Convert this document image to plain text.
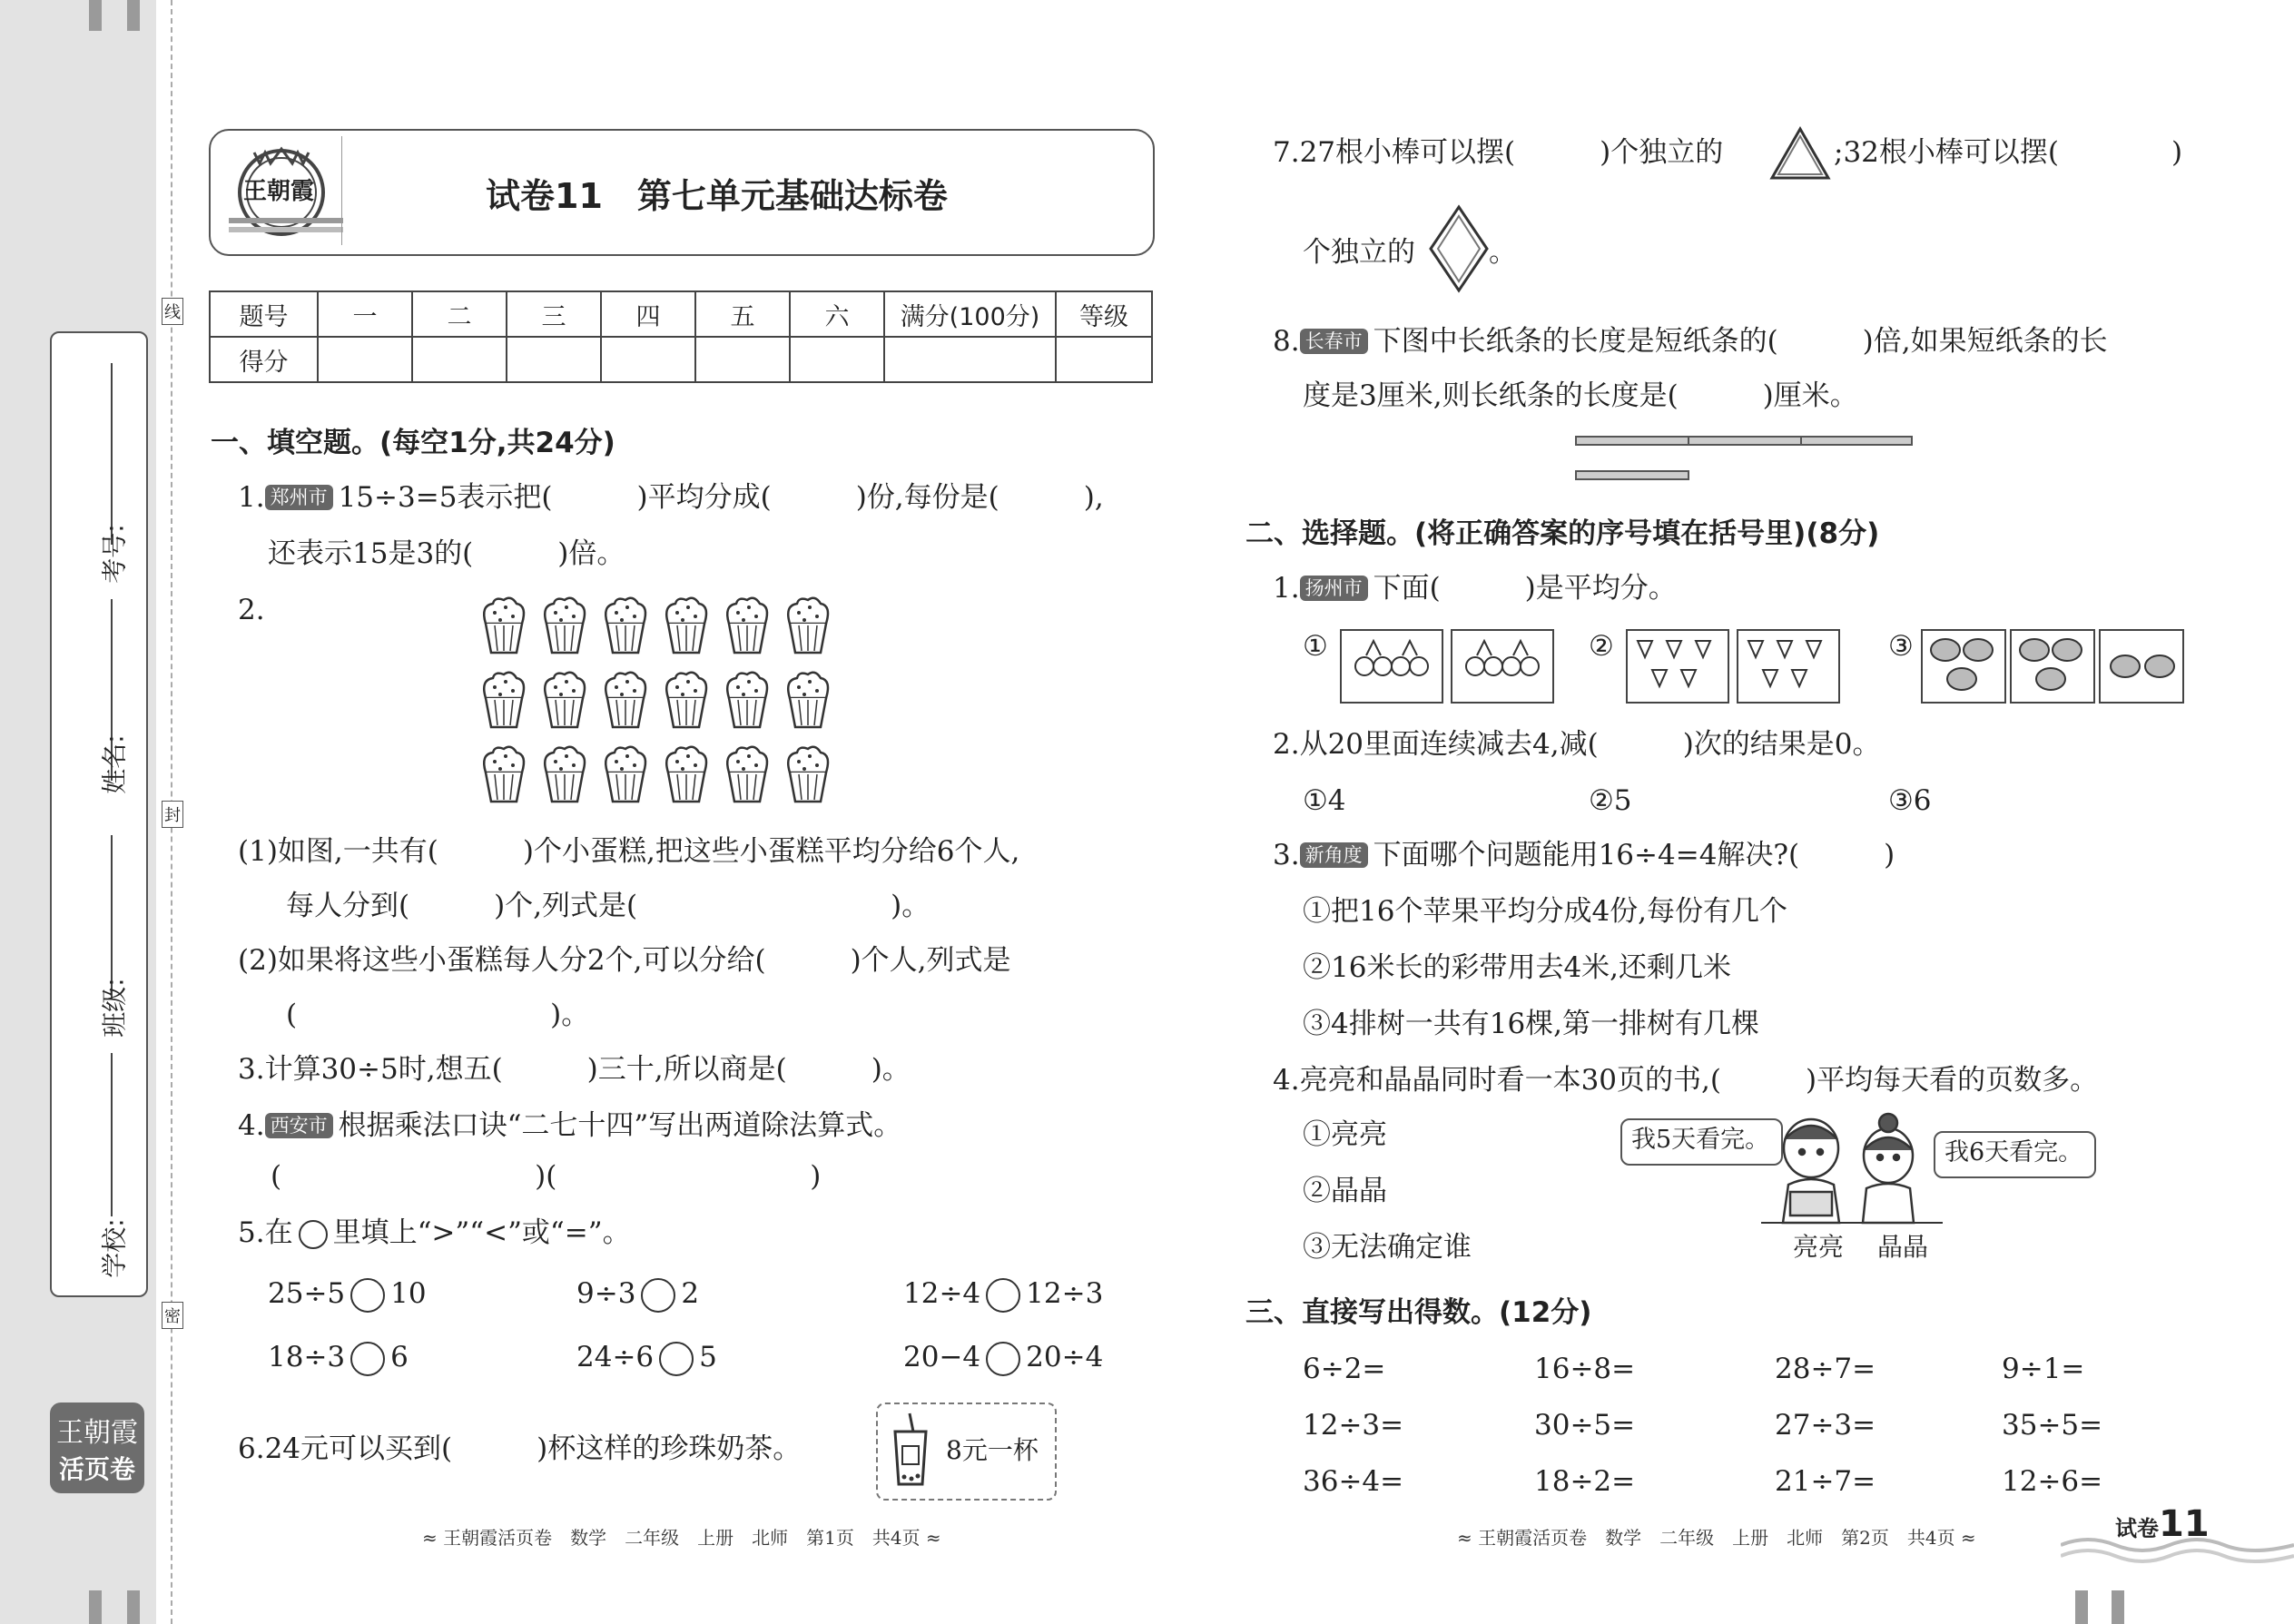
考号:
姓名:
班级:
学校:
线
封
密
王朝霞
活页卷
王朝霞	试卷11　第七单元基础达标卷
题号	一	二	三	四	五	六	满分(100分)	等级
得分								
一、填空题。(每空1分,共24分)
1. 郑州市 15÷3=5表示把(　　　)平均分成(　　　)份,每份是(　　　),
还表示15是3的(　　　)倍。
2.
(1)如图,一共有(　　　)个小蛋糕,把这些小蛋糕平均分给6个人,
每人分到(　　　)个,列式是(　　　　　　　　　)。
(2)如果将这些小蛋糕每人分2个,可以分给(　　　)个人,列式是
(　　　　　　　　　)。
3.计算30÷5时,想五(　　　)三十,所以商是(　　　)。
4. 西安市 根据乘法口诀“二七十四”写出两道除法算式。
(　　　　　　　　　)(　　　　　　　　　)
5.在 里填上“>”“<”或“=”。
25÷5 10	9÷3 2	12÷4 12÷3
18÷3 6	24÷6 5	20−4 20÷4
6.24元可以买到(　　　)杯这样的珍珠奶茶。	8元一杯
≈ 王朝霞活页卷　数学　二年级　上册　北师　第1页　共4页 ≈
7.27根小棒可以摆(　　　)个独立的	;32根小棒可以摆(　　　　)
个独立的	。
8. 长春市 下图中长纸条的长度是短纸条的(　　　)倍,如果短纸条的长
度是3厘米,则长纸条的长度是(　　　)厘米。
二、选择题。(将正确答案的序号填在括号里)(8分)
1. 扬州市 下面(　　　)是平均分。
①	②	③
2.从20里面连续减去4,减(　　　)次的结果是0。
①4	②5	③6
3. 新角度 下面哪个问题能用16÷4=4解决?(　　　)
①把16个苹果平均分成4份,每份有几个
②16米长的彩带用去4米,还剩几米
③4排树一共有16棵,第一排树有几棵
4.亮亮和晶晶同时看一本30页的书,(　　　)平均每天看的页数多。
①亮亮
②晶晶
③无法确定谁
我5天看完。	我6天看完。
亮亮 晶晶
三、直接写出得数。(12分)
6÷2=	16÷8=	28÷7=	9÷1=
12÷3=	30÷5=	27÷3=	35÷5=
36÷4=	18÷2=	21÷7=	12÷6=
≈ 王朝霞活页卷　数学　二年级　上册　北师　第2页　共4页 ≈	试卷11
